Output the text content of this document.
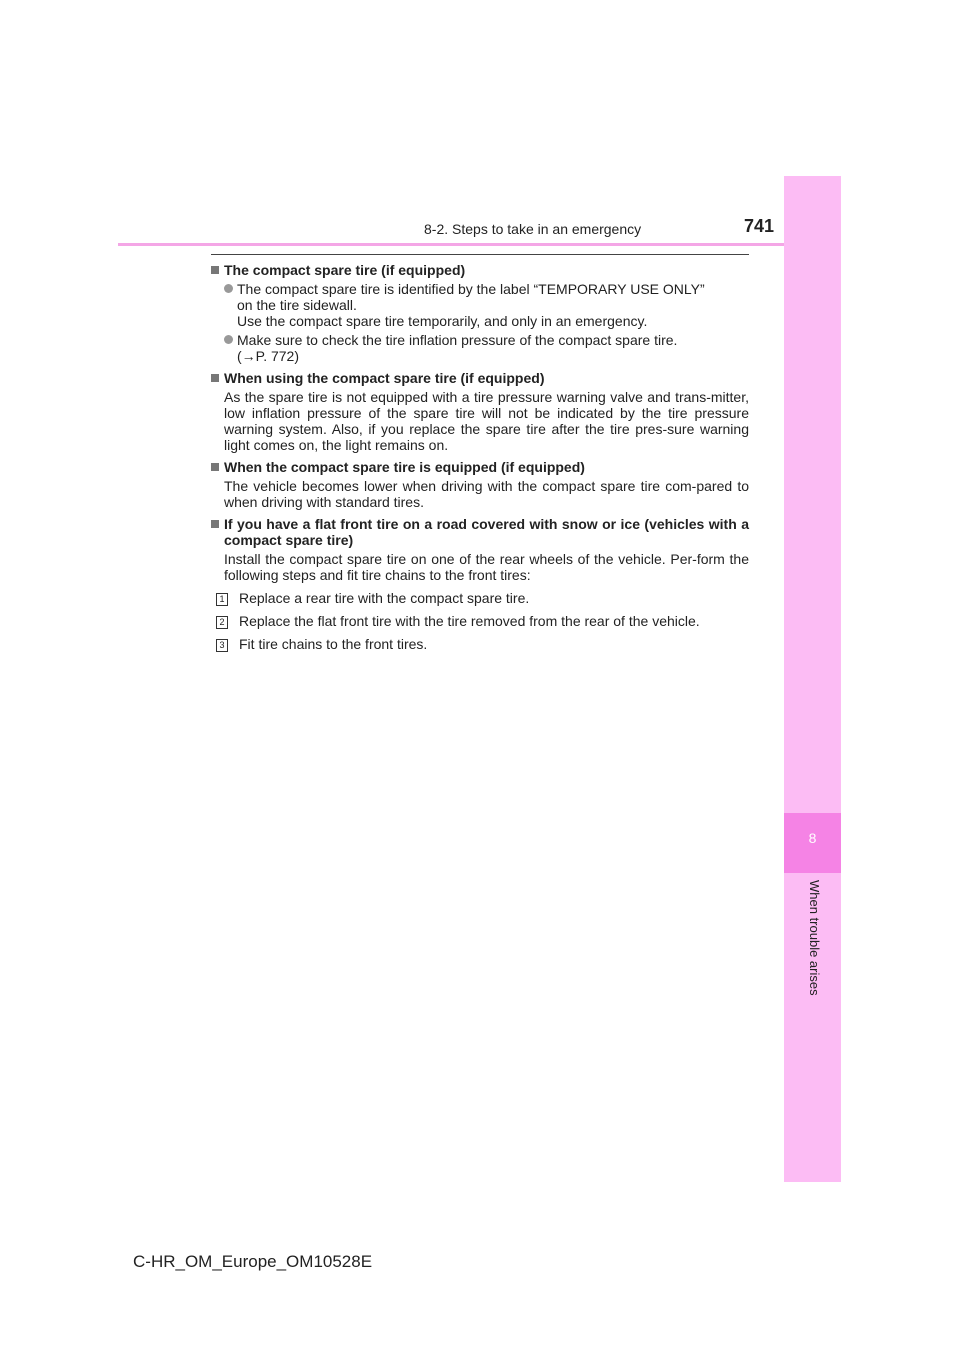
8-2. Steps to take in an emergency	741
8
When trouble arises
The compact spare tire (if equipped)
The compact spare tire is identified by the label “TEMPORARY USE ONLY”
on the tire sidewall.
Use the compact spare tire temporarily, and only in an emergency.
Make sure to check the tire inflation pressure of the compact spare tire.
(→P. 772)
When using the compact spare tire (if equipped)
As the spare tire is not equipped with a tire pressure warning valve and trans-mitter, low inflation pressure of the spare tire will not be indicated by the tire pressure warning system. Also, if you replace the spare tire after the tire pres-sure warning light comes on, the light remains on.
When the compact spare tire is equipped (if equipped)
The vehicle becomes lower when driving with the compact spare tire com-pared to when driving with standard tires.
If you have a flat front tire on a road covered with snow or ice (vehicles with a compact spare tire)
Install the compact spare tire on one of the rear wheels of the vehicle. Per-form the following steps and fit tire chains to the front tires:
1 Replace a rear tire with the compact spare tire.
2 Replace the flat front tire with the tire removed from the rear of the vehicle.
3 Fit tire chains to the front tires.
C-HR_OM_Europe_OM10528E
